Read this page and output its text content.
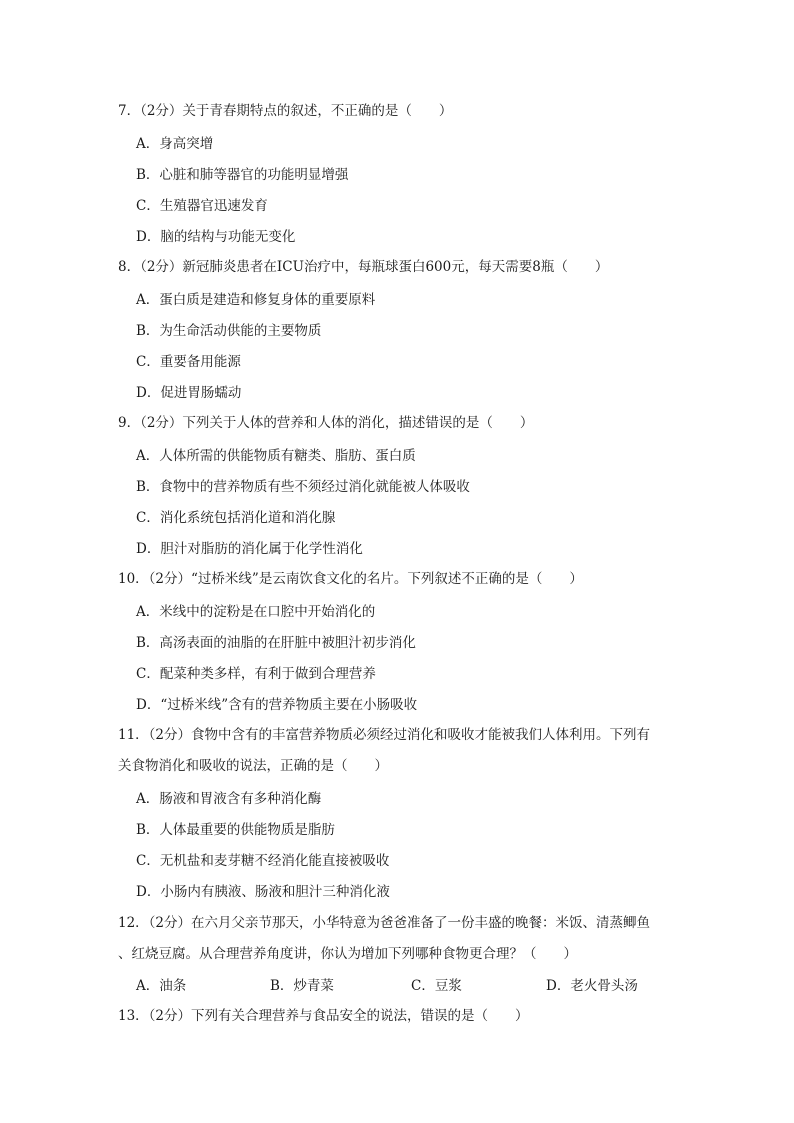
7．（2分）关于青春期特点的叙述，不正确的是（　　）
A．身高突增
B．心脏和肺等器官的功能明显增强
C．生殖器官迅速发育
D．脑的结构与功能无变化
8．（2分）新冠肺炎患者在ICU治疗中，每瓶球蛋白600元，每天需要8瓶（　　）
A．蛋白质是建造和修复身体的重要原料
B．为生命活动供能的主要物质
C．重要备用能源
D．促进胃肠蠕动
9．（2分）下列关于人体的营养和人体的消化，描述错误的是（　　）
A．人体所需的供能物质有糖类、脂肪、蛋白质
B．食物中的营养物质有些不须经过消化就能被人体吸收
C．消化系统包括消化道和消化腺
D．胆汁对脂肪的消化属于化学性消化
10．（2分）“过桥米线”是云南饮食文化的名片。下列叙述不正确的是（　　）
A．米线中的淀粉是在口腔中开始消化的
B．高汤表面的油脂的在肝脏中被胆汁初步消化
C．配菜种类多样，有利于做到合理营养
D．“过桥米线”含有的营养物质主要在小肠吸收
11．（2分）食物中含有的丰富营养物质必须经过消化和吸收才能被我们人体利用。下列有
关食物消化和吸收的说法，正确的是（　　）
A．肠液和胃液含有多种消化酶
B．人体最重要的供能物质是脂肪
C．无机盐和麦芽糖不经消化能直接被吸收
D．小肠内有胰液、肠液和胆汁三种消化液
12．（2分）在六月父亲节那天，小华特意为爸爸准备了一份丰盛的晚餐：米饭、清蒸鲫鱼
、红烧豆腐。从合理营养角度讲，你认为增加下列哪种食物更合理？（　　）
A．油条	B．炒青菜	C．豆浆	D．老火骨头汤
13．（2分）下列有关合理营养与食品安全的说法，错误的是（　　）
